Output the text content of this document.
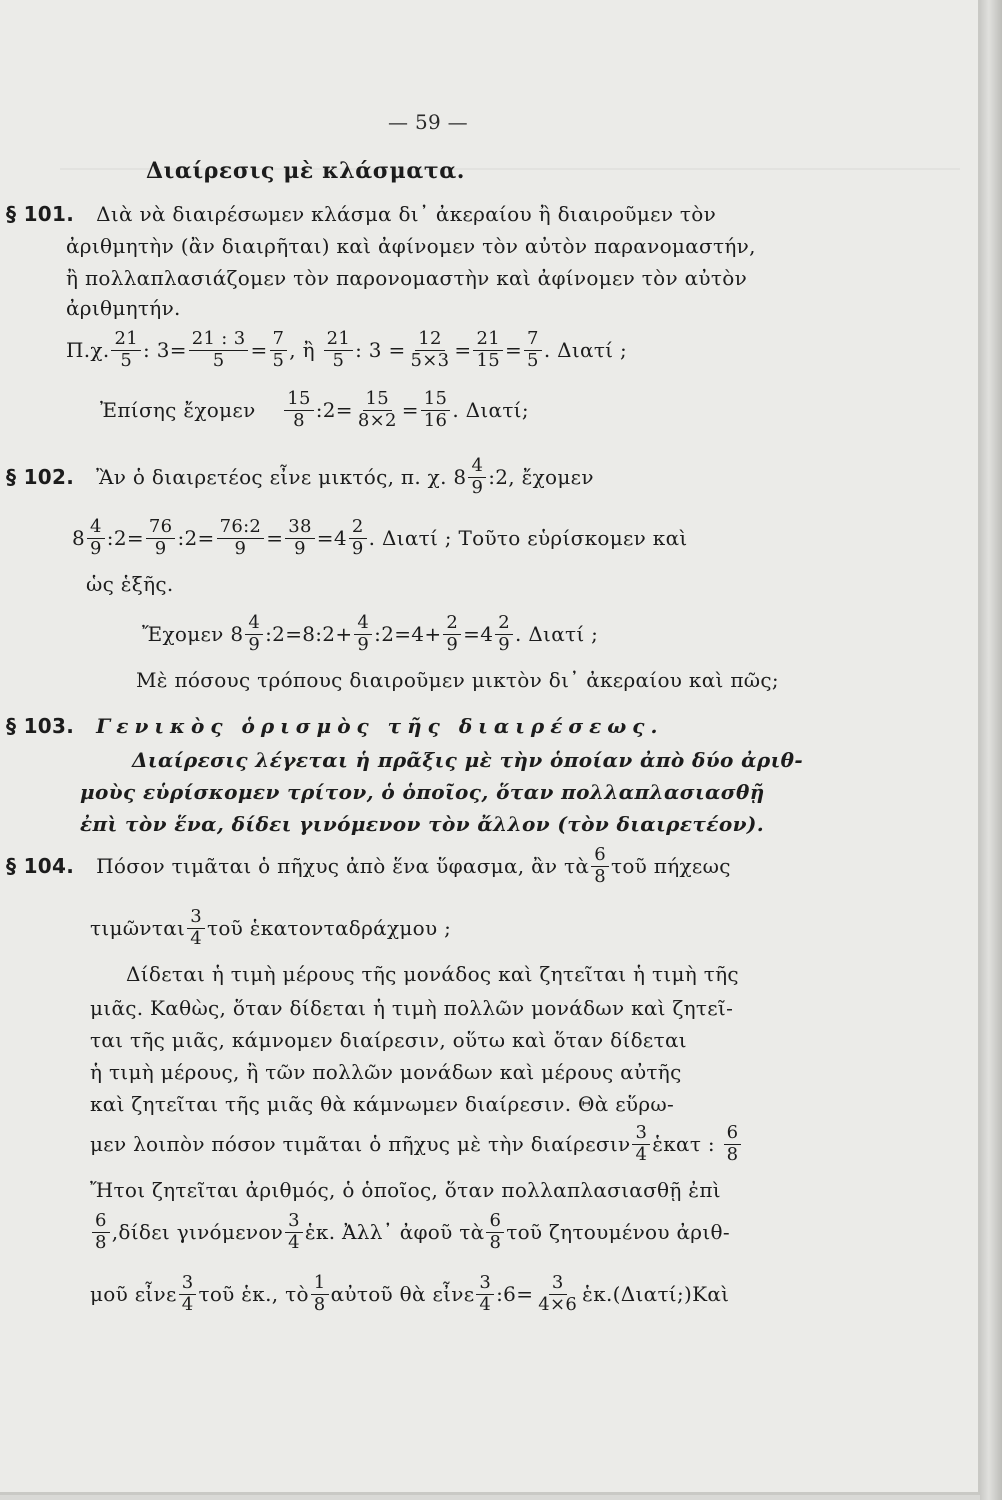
— 59 —
Διαίρεσις μὲ κλάσματα.
§ 101. Διὰ νὰ διαιρέσωμεν κλάσμα δι᾽ ἀκεραίου ἢ διαιροῦμεν τὸν
ἀριθμητὴν (ἂν διαιρῆται) καὶ ἀφίνομεν τὸν αὐτὸν παρανομαστήν,
ἢ πολλαπλασιάζομεν τὸν παρονομαστὴν καὶ ἀφίνομεν τὸν αὐτὸν
ἀριθμητήν.
Π.χ. $\frac{21}{5}$ : $3= \frac{21 : 3}{5} = \frac{7}{5}$ , ἢ
$\frac{21}{5}$ : $3 = \frac{12}{5\times 3} = \frac{21}{15} = \frac{7}{5}$ . Διατί ;
Ἐπίσης ἔχομεν
$\frac{15}{8}$ :2= $\frac{15}{8\times 2} = \frac{15}{16}$ . Διατί;
§ 102. Ἂν ὁ διαιρετέος εἶνε μικτός, π. χ. $8 \frac{4}{9}$ :2, ἔχομεν
$8 \frac{4}{9}$ :2= $\frac{76}{9}$ :2= $\frac{76:2}{9} = \frac{38}{9} = 4 \frac{2}{9}$ . Διατί ; Τοῦτο εὑρίσκομεν καὶ
ὡς ἑξῆς.
Ἔχομεν
$8 \frac{4}{9}$ :2=8:2+ $\frac{4}{9}$ :2=4+ $\frac{2}{9} = 4 \frac{2}{9}$ . Διατί ;
Μὲ πόσους τρόπους διαιροῦμεν μικτὸν δι᾽ ἀκεραίου καὶ πῶς;
§ 103. Γενικὸς ὁρισμὸς τῆς διαιρέσεως.
Διαίρεσις λέγεται ἡ πρᾶξις μὲ τὴν ὁποίαν ἀπὸ δύο ἀριθ-
μοὺς εὑρίσκομεν τρίτον, ὁ ὁποῖος, ὅταν πολλαπλασιασθῇ
ἐπὶ τὸν ἕνα, δίδει γινόμενον τὸν ἄλλον (τὸν διαιρετέον).
§ 104. Πόσον τιμᾶται ὁ πῆχυς ἀπὸ ἕνα ὕφασμα, ἂν τὰ $\frac{6}{8}$ τοῦ πήχεως
τιμῶνται $\frac{3}{4}$ τοῦ ἑκατονταδράχμου ;
Δίδεται ἡ τιμὴ μέρους τῆς μονάδος καὶ ζητεῖται ἡ τιμὴ τῆς
μιᾶς. Καθὼς, ὅταν δίδεται ἡ τιμὴ πολλῶν μονάδων καὶ ζητεῖ-
ται τῆς μιᾶς, κάμνομεν διαίρεσιν, οὕτω καὶ ὅταν δίδεται
ἡ τιμὴ μέρους, ἢ τῶν πολλῶν μονάδων καὶ μέρους αὐτῆς
καὶ ζητεῖται τῆς μιᾶς θὰ κάμνωμεν διαίρεσιν. Θὰ εὕρω-
μεν λοιπὸν πόσον τιμᾶται ὁ πῆχυς μὲ τὴν διαίρεσιν $\frac{3}{4}$ ἑκατ :
$\frac{6}{8}$
Ἤτοι ζητεῖται ἀριθμός, ὁ ὁποῖος, ὅταν πολλαπλασιασθῇ ἐπὶ
$\frac{6}{8} ,\delta ί\delta\varepsilon\iota$ γινόμενον $\frac{3}{4}$ ἑκ. Ἀλλ᾽ ἀφοῦ τὰ $\frac{6}{8}$ τοῦ ζητουμένου ἀριθ-
μοῦ εἶνε $\frac{3}{4}$ τοῦ ἑκ., τὸ $\frac{1}{8}$ αὐτοῦ θὰ εἶνε $\frac{3}{4}$ :6= $\frac{3}{4\times 6}$ ἑκ.(Διατί;)Καὶ
